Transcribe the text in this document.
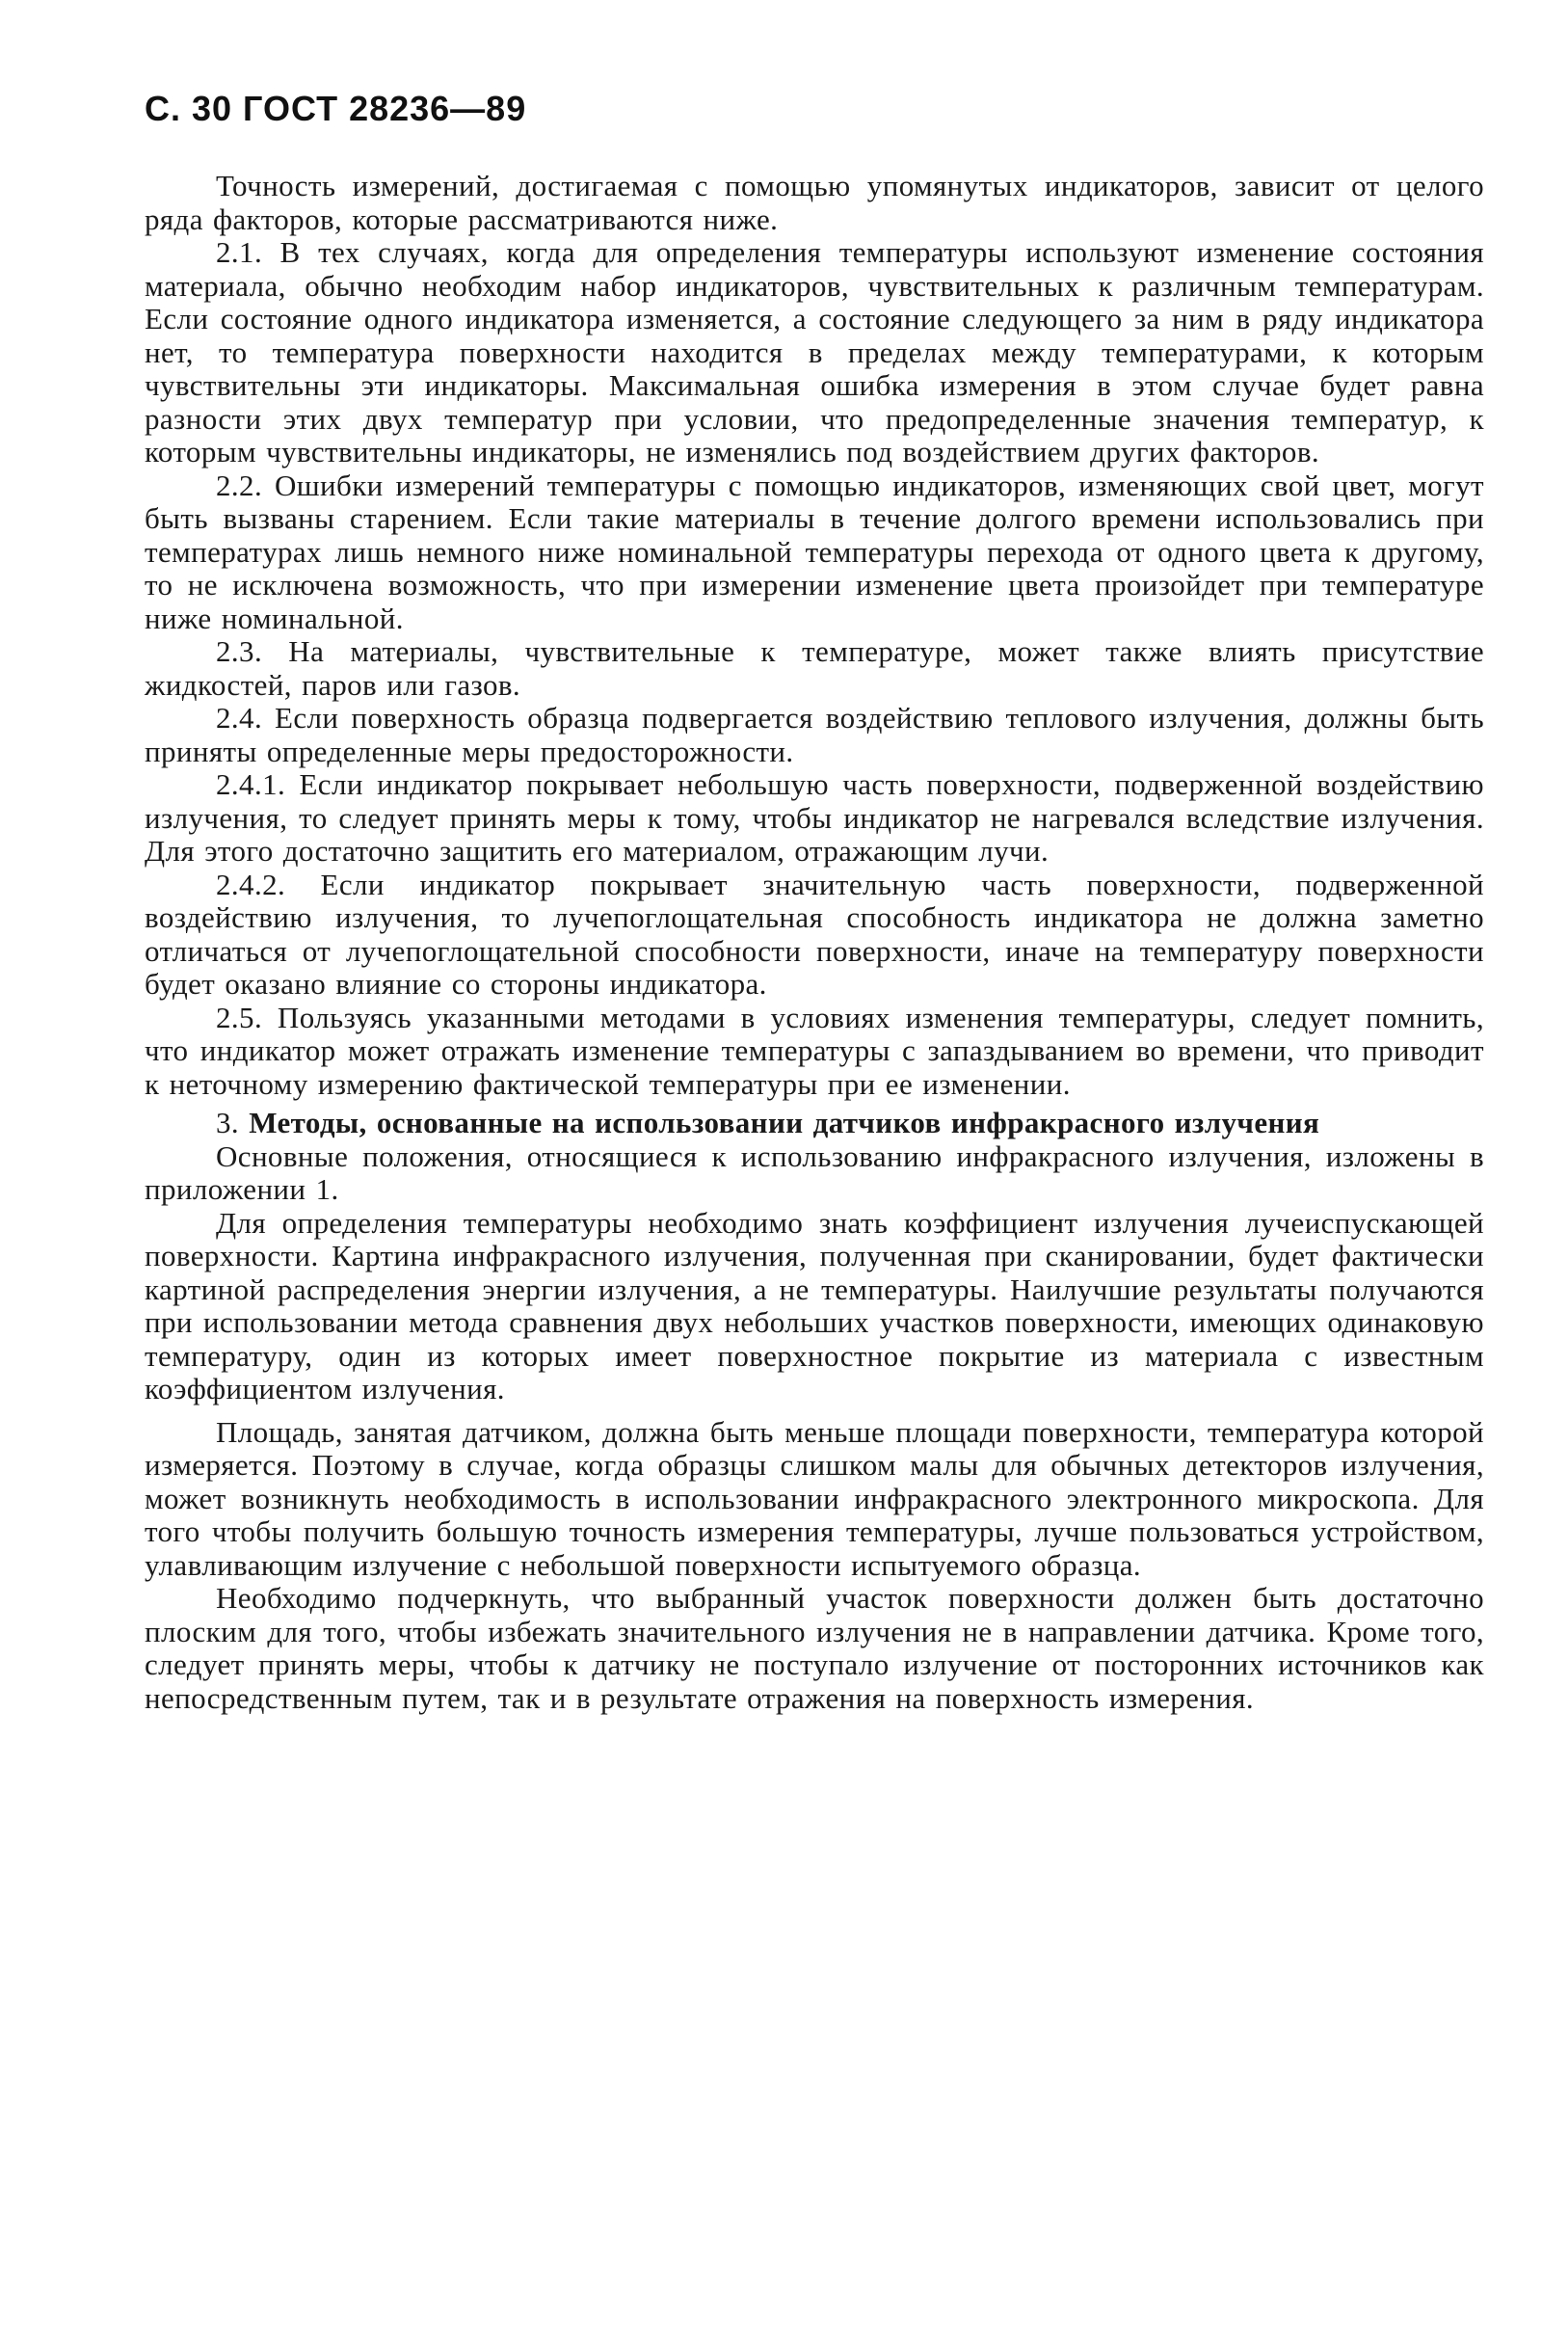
С. 30 ГОСТ 28236—89

Точность измерений, достигаемая с помощью упомянутых индикаторов, зависит от целого ряда факторов, которые рассматриваются ниже.

2.1. В тех случаях, когда для определения температуры используют изменение состояния материала, обычно необходим набор индикаторов, чувствительных к различным температурам. Если состояние одного индикатора изменяется, а состояние следующего за ним в ряду индикатора нет, то температура поверхности находится в пределах между температурами, к которым чувствительны эти индикаторы. Максимальная ошибка измерения в этом случае будет равна разности этих двух температур при условии, что предопределенные значения температур, к которым чувствительны индикаторы, не изменялись под воздействием других факторов.

2.2. Ошибки измерений температуры с помощью индикаторов, изменяющих свой цвет, могут быть вызваны старением. Если такие материалы в течение долгого времени использовались при температурах лишь немного ниже номинальной температуры перехода от одного цвета к другому, то не исключена возможность, что при измерении изменение цвета произойдет при температуре ниже номинальной.

2.3. На материалы, чувствительные к температуре, может также влиять присутствие жидкостей, паров или газов.

2.4. Если поверхность образца подвергается воздействию теплового излучения, должны быть приняты определенные меры предосторожности.

2.4.1. Если индикатор покрывает небольшую часть поверхности, подверженной воздействию излучения, то следует принять меры к тому, чтобы индикатор не нагревался вследствие излучения. Для этого достаточно защитить его материалом, отражающим лучи.

2.4.2. Если индикатор покрывает значительную часть поверхности, подверженной воздействию излучения, то лучепоглощательная способность индикатора не должна заметно отличаться от лучепоглощательной способности поверхности, иначе на температуру поверхности будет оказано влияние со стороны индикатора.

2.5. Пользуясь указанными методами в условиях изменения температуры, следует помнить, что индикатор может отражать изменение температуры с запаздыванием во времени, что приводит к неточному измерению фактической температуры при ее изменении.

3. Методы, основанные на использовании датчиков инфракрасного излучения

Основные положения, относящиеся к использованию инфракрасного излучения, изложены в приложении 1.

Для определения температуры необходимо знать коэффициент излучения лучеиспускающей поверхности. Картина инфракрасного излучения, полученная при сканировании, будет фактически картиной распределения энергии излучения, а не температуры. Наилучшие результаты получаются при использовании метода сравнения двух небольших участков поверхности, имеющих одинаковую температуру, один из которых имеет поверхностное покрытие из материала с известным коэффициентом излучения.

Площадь, занятая датчиком, должна быть меньше площади поверхности, температура которой измеряется. Поэтому в случае, когда образцы слишком малы для обычных детекторов излучения, может возникнуть необходимость в использовании инфракрасного электронного микроскопа. Для того чтобы получить большую точность измерения температуры, лучше пользоваться устройством, улавливающим излучение с небольшой поверхности испытуемого образца.

Необходимо подчеркнуть, что выбранный участок поверхности должен быть достаточно плоским для того, чтобы избежать значительного излучения не в направлении датчика. Кроме того, следует принять меры, чтобы к датчику не поступало излучение от посторонних источников как непосредственным путем, так и в результате отражения на поверхность измерения.
